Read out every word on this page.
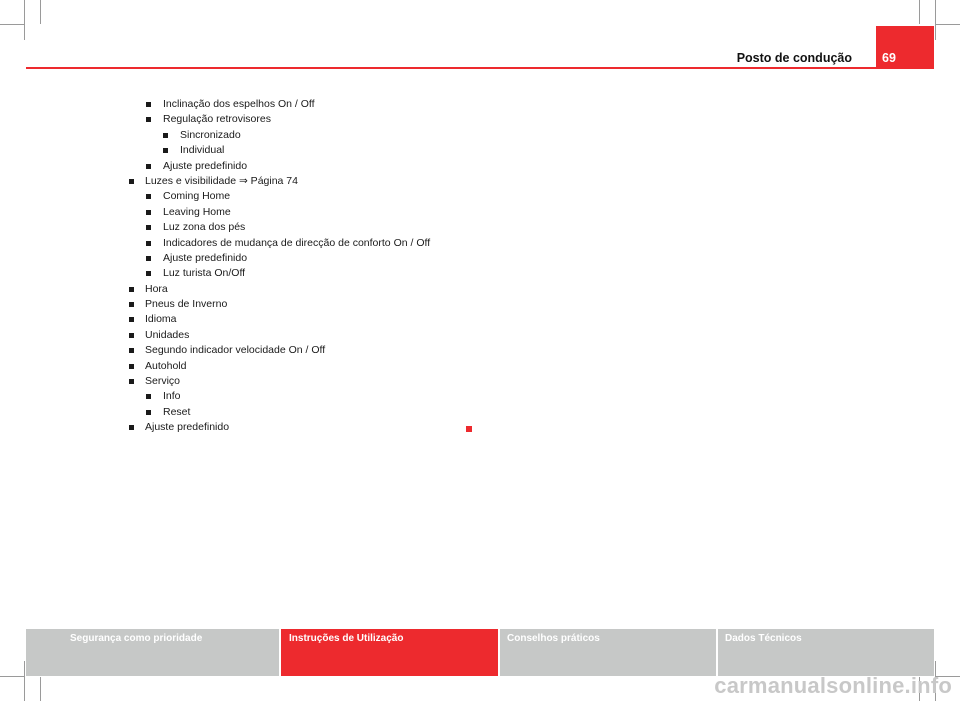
Posto de condução 69
Inclinação dos espelhos On / Off
Regulação retrovisores
Sincronizado
Individual
Ajuste predefinido
Luzes e visibilidade ⇒ Página 74
Coming Home
Leaving Home
Luz zona dos pés
Indicadores de mudança de direcção de conforto On / Off
Ajuste predefinido
Luz turista On/Off
Hora
Pneus de Inverno
Idioma
Unidades
Segundo indicador velocidade On / Off
Autohold
Serviço
Info
Reset
Ajuste predefinido
Segurança como prioridade	Instruções de Utilização	Conselhos práticos	Dados Técnicos
carmanualsonline.info
